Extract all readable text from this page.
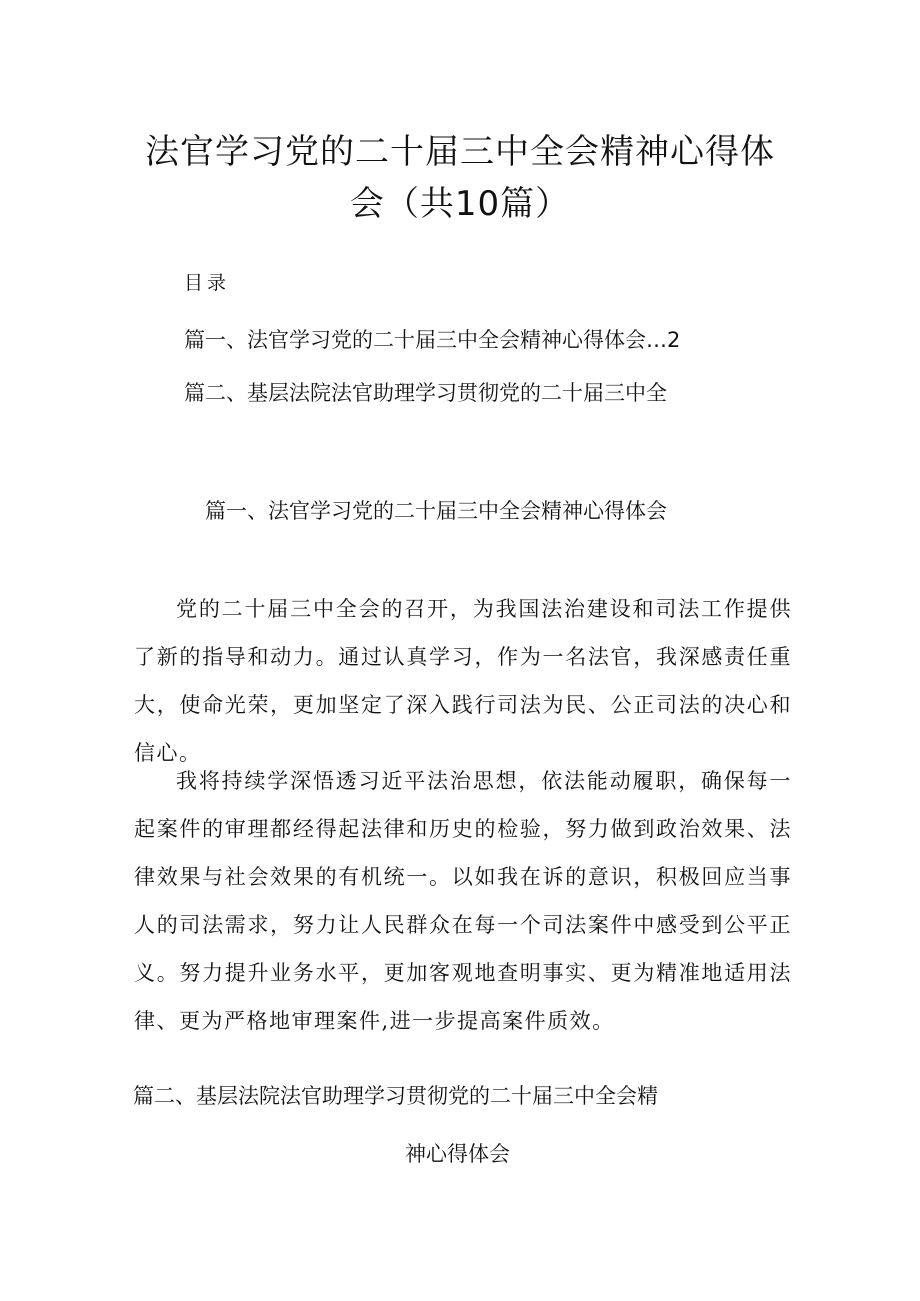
法官学习党的二十届三中全会精神心得体
会（共10篇）
目录
篇一、法官学习党的二十届三中全会精神心得体会…2
篇二、基层法院法官助理学习贯彻党的二十届三中全
篇一、法官学习党的二十届三中全会精神心得体会

党的二十届三中全会的召开，为我国法治建设和司法工作提供了新的指导和动力。通过认真学习，作为一名法官，我深感责任重大，使命光荣，更加坚定了深入践行司法为民、公正司法的决心和信心。

我将持续学深悟透习近平法治思想，依法能动履职，确保每一起案件的审理都经得起法律和历史的检验，努力做到政治效果、法律效果与社会效果的有机统一。以如我在诉的意识，积极回应当事人的司法需求，努力让人民群众在每一个司法案件中感受到公平正义。努力提升业务水平，更加客观地查明事实、更为精准地适用法律、更为严格地审理案件,进一步提高案件质效。

篇二、基层法院法官助理学习贯彻党的二十届三中全会精
神心得体会
